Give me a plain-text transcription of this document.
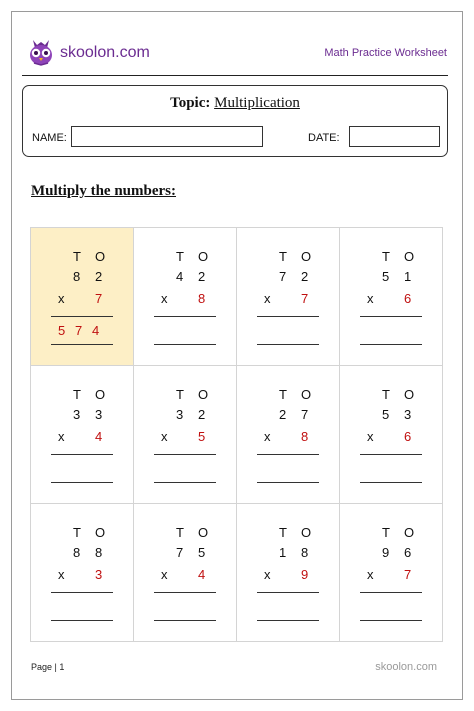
skoolon.com	Math Practice Worksheet
Topic: Multiplication
NAME:	DATE:
Multiply the numbers:
T O
8 2
x 7
5 7 4
T O
4 2
x 8
T O
7 2
x 7
T O
5 1
x 6
T O
3 3
x 4
T O
3 2
x 5
T O
2 7
x 8
T O
5 3
x 6
T O
8 8
x 3
T O
7 5
x 4
T O
1 8
x 9
T O
9 6
x 7
Page | 1	skoolon.com
